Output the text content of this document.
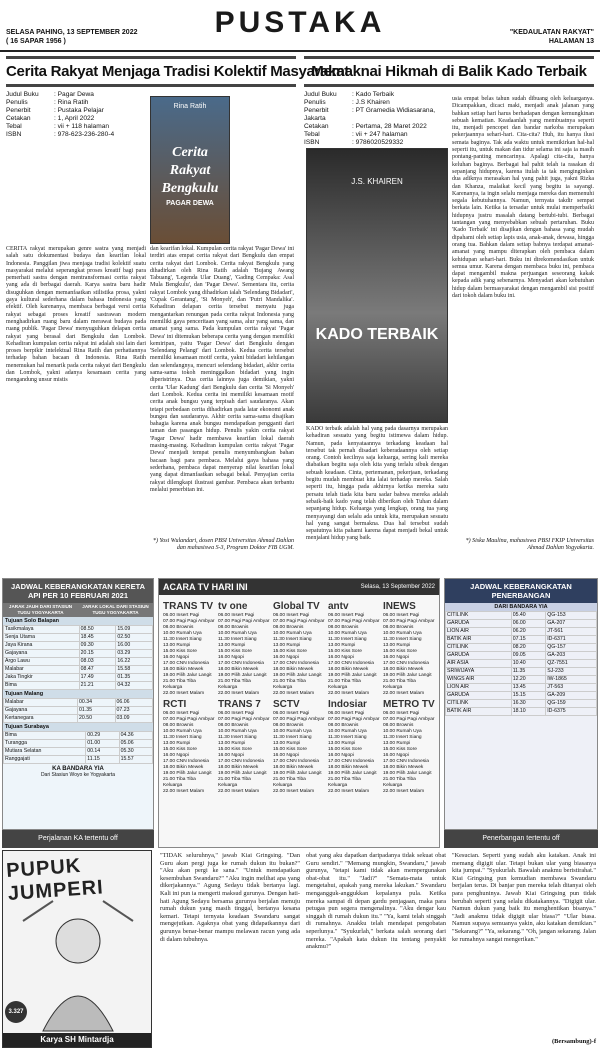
SELASA PAHING, 13 SEPTEMBER 2022
( 16 SAPAR 1956 )
PUSTAKA	"KEDAULATAN RAKYAT"
HALAMAN 13
Cerita Rakyat Menjaga Tradisi Kolektif Masyarakat
Judul Buku : Pagar Dewa
Penulis	: Rina Ratih
Penerbit	: Pustaka Pelajar
Cetakan	: 1, April 2022
Tebal	: vii + 118 halaman
ISBN	: 978-623-236-280-4
Rina Ratih
Cerita Rakyat Bengkulu
PAGAR DEWA
CERITA rakyat merupakan genre sastra yang menjadi salah satu dokumentasi budaya dan kearifan lokal Indonesia. Panggilan jiwa menjaga tradisi kolektif suatu masyarakat melalui seperangkat proses kreatif bagi para pemerhati sastra dengan mentransformasi cerita rakyat yang ada di berbagai daerah. Karya sastra baru hadir disuguhkan dengan memanfaatkan stilistika prosa, yakni gaya kultural sederhana dalam bahasa Indonesia yang efektif. Oleh karenanya, membaca berbagai versi cerita rakyat sebagai proses kreatif sastrawan modern menghadirkan ruang baru dalam merawat budaya pada ruang publik. 'Pagar Dewa' menyuguhkan delapan cerita rakyat yang berasal dari Bengkulu dan Lombok. Kehadiran kumpulan cerita rakyat ini adalah sisi lain dari proses berpikir intelektual Rina Ratih dan perhatiannya terhadap bahan bacaan di Indonesia. Rina Ratih menemukan hal menarik pada cerita rakyat dari Bengkulu dan Lombok, yakni adanya kesamaan cerita yang mengandung unsur mistis
dan kearifan lokal. Kumpulan cerita rakyat 'Pagar Dewa' ini terdiri atas empat cerita rakyat dari Bengkulu dan empat cerita rakyat dari Lombok. Cerita rakyat Bengkulu yang dihadirkan oleh Rina Ratih adalah 'Bujang Awang Tabuang', 'Legenda Ular Duang', 'Gading Cempaka: Asal Mula Bengkulu', dan 'Pagar Dewa'. Sementara itu, cerita rakyat Lombok yang dihadirkan ialah 'Selendang Bidadari', 'Cupak Gerantang', 'Si Monyeh', dan 'Putri Mandalika'. Kehadiran delapan cerita tersebut menyatu juga mengantarkan renungan pada cerita rakyat Indonesia yang memiliki gaya penceritaan yang sama, alur yang sama, dan amanat yang sama. Pada kumpulan cerita rakyat 'Pagar Dewa' ini ditemukan beberapa cerita yang dengan memiliki kemiripan, yaitu 'Pagar Dewa' dari Bengkulu dengan 'Selendang Pelangi' dari Lombok. Kedua cerita tersebut memiliki kesamaan motif cerita, yakni bidadari kehilangan dan selendangnya, mencuri selendang bidadari, akhir cerita sama-sama tokoh meninggalkan bidadari yang ingin diperistrinya. Dua cerita lainnya juga demikian, yakni cerita 'Ular Kadung' dari Bengkulu dan cerita 'Si Monyeh' dari Lombok. Kedua cerita ini memiliki kesamaan motif cerita anak bungsu yang terpisah dari saudaranya. Akan tetapi perbedaan cerita dihadirkan pada latar ekonomi anak bungsu dan saudaranya. Akhir cerita sama-sama disajikan bahagia karena anak bungsu mendapatkan pengganti dari taman dan pasangan hidup. Penulis yakin cerita rakyat 'Pagar Dewa' hadir membawa kearifan lokal daerah masing-masing. Kehadiran kumpulan cerita rakyat 'Pagar Dewa' menjadi tempat penulis menyumbangkan bahan bacaan bagi para pembaca. Melalui gaya bahasa yang sederhana, pembaca dapat menyerap nilai kearifan lokal yang dapat dimanfaatkan sebagai bekal. Penyajian cerita rakyat dilengkapi ilustrasi gambar. Pembaca akan terbantu melalui penerbitan ini.
*) Yosi Wulandari, dosen PBSI Universitas Ahmad Dahlan dan mahasiswa S-3, Program Doktor FIB UGM.
Memaknai Hikmah di Balik Kado Terbaik
Judul Buku : Kado Terbaik
Penulis	: J.S Khairen
Penerbit	: PT Gramedia Widiasarana, Jakarta
Cetakan	: Pertama, 28 Maret 2022
Tebal	: vii + 247 halaman
ISBN	: 9786020529332
J.S. KHAIREN
KADO TERBAIK
KADO terbaik adalah hal yang pada dasarnya merupakan kehadiran sesuatu yang begitu istimewa dalam hidup. Namun, pada kenyataannya terkadang keadaan hal tersebut tak pernah disadari keberadaannya oleh setiap orang. Contoh kecilnya saja keluarga, sering kali mereka diabaikan begitu saja oleh kita yang terlalu sibuk dengan sebuah keadaan. Cinta, pertemanan, pekerjaan, terkadang begitu mudah membuat kita lalai terhadap mereka. Salah seperti itu, hingga pada akhirnya ketika mereka satu persatu telah tiada kita baru sadar bahwa mereka adalah sebaik-baik kado yang telah diberikan oleh Tuhan dalam sepanjang hidup. Keluarga yang lengkap, orang tua yang menyayangi dan selalu ada untuk kita, merupakan sesuatu hal yang sangat bermakna. Dua hal tersebut sudah sepatutnya kita pahami karena dapat menjadi bekal untuk menjalani hidup yang baik.
usia empat belas tahun sudah dibuang oleh keluarganya. Dicampakkan, dicaci maki, menjadi anak jalanan yang bahkan setiap hari harus berhadapan dengan kemungkinan sebuah kematian. Keadaanlah yang membuatnya seperti itu, menjadi pencopet dan bandar narkoba merupakan pekerjaannya sehari-hari. Cita-cita? Huh, itu hanya ilusi semata baginya. Tak ada waktu untuk memikirkan hal-hal seperti itu, untuk makan dan tidur selama ini saja ia masih pontang-panting mencarinya. Apalagi cita-cita, hanya keluhan baginya. Berbagai hal pahit telah ia rasakan di sepanjang hidupnya, karena itulah ia tak menginginkan dua adiknya merasakan hal yang pahit juga, yakni Rizka dan Khanza, malaikat kecil yang begitu ia sayangi. Karenanya, ia ingin selalu menjaga mereka dan memenuhi segala kebutuhannya. Namun, ternyata takdir sempat berkata lain. Ketika ia tersadar untuk mulai memperbaiki hidupnya justru masalah datang bertubi-tubi. Berbagai tantangan yang menyebabkan sebuah pertaruhan. Buku 'Kado Terbaik' ini disajikan dengan bahasa yang mudah dipahami oleh setiap lapis usia, anak-anak, dewasa, hingga orang tua. Bahkan dalam setiap babnya terdapat amanat-amanat yang mampu diterapkan oleh pembaca dalam kehidupan sehari-hari. Buku ini direkomendasikan untuk semua umur. Karena dengan membaca buku ini, pembaca dapat mengambil makna perjuangan seseorang kakak kepada adik yang sebenarnya. Menyadari akan kebutuhan hidup dalam bermasyarakat dengan mengambil sisi positif dari tokoh dalam buku ini.
*) Siska Maulina, mahasiswa PBSI FKIP Universitas Ahmad Dahlan Yogyakarta.
JADWAL KEBERANGKATAN KERETA API PER 10 FEBRUARI 2021
JARAK JAUH DARI STASIUN TUGU YOGYAKARTA
JARAK LOKAL DARI STASIUN TUGU YOGYAKARTA
Tujuan Solo Balapan
Tasikmalaya	08.50	15.09
Senja Utama	18.45	02.50
Jaya Kirana	09.30	16.00
Gajayana	20.15	03.29
Argo Lawu	08.03	16.22
Malabar	08.47	15.58
Jaka Tingkir	17.49	01.35
Bima	21.21	04.32
Tujuan Malang
Malabar	00.34	06.06
Gajayana	01.35	07.23
Kertanegara	20.50	03.09
Tujuan Surabaya
Bima	00.29	04.36
Turangga	01.00	05.06
Mutiara Selatan	00.14	05.30
Ranggajati	11.15	15.57
KA BANDARA YIA
Dari Stasiun Woyo ke Yogyakarta
Perjalanan KA tertentu off
ACARA TV HARI INI	Selasa, 13 September 2022
TRANS TV
06.00 Insert Pagi
07.00 Pagi Pagi Ambyar
08.00 Brownis
10.00 Rumah Uya
11.30 Insert Siang
13.00 Rumpi
15.00 Kiss Sore
16.00 Ngopi
17.00 CNN Indonesia
18.00 Bikin Mewek
19.00 Pilih Jalur Langit
21.00 Tiba Tiba Keluarga
22.00 Insert Malam
RCTI
06.00 Insert Pagi
07.00 Pagi Pagi Ambyar
08.00 Brownis
10.00 Rumah Uya
11.30 Insert Siang
13.00 Rumpi
15.00 Kiss Sore
16.00 Ngopi
17.00 CNN Indonesia
18.00 Bikin Mewek
19.00 Pilih Jalur Langit
21.00 Tiba Tiba Keluarga
22.00 Insert Malam
tv one
06.00 Insert Pagi
07.00 Pagi Pagi Ambyar
08.00 Brownis
10.00 Rumah Uya
11.30 Insert Siang
13.00 Rumpi
15.00 Kiss Sore
16.00 Ngopi
17.00 CNN Indonesia
18.00 Bikin Mewek
19.00 Pilih Jalur Langit
21.00 Tiba Tiba Keluarga
22.00 Insert Malam
TRANS 7
06.00 Insert Pagi
07.00 Pagi Pagi Ambyar
08.00 Brownis
10.00 Rumah Uya
11.30 Insert Siang
13.00 Rumpi
15.00 Kiss Sore
16.00 Ngopi
17.00 CNN Indonesia
18.00 Bikin Mewek
19.00 Pilih Jalur Langit
21.00 Tiba Tiba Keluarga
22.00 Insert Malam
Global TV
06.00 Insert Pagi
07.00 Pagi Pagi Ambyar
08.00 Brownis
10.00 Rumah Uya
11.30 Insert Siang
13.00 Rumpi
15.00 Kiss Sore
16.00 Ngopi
17.00 CNN Indonesia
18.00 Bikin Mewek
19.00 Pilih Jalur Langit
21.00 Tiba Tiba Keluarga
22.00 Insert Malam
SCTV
06.00 Insert Pagi
07.00 Pagi Pagi Ambyar
08.00 Brownis
10.00 Rumah Uya
11.30 Insert Siang
13.00 Rumpi
15.00 Kiss Sore
16.00 Ngopi
17.00 CNN Indonesia
18.00 Bikin Mewek
19.00 Pilih Jalur Langit
21.00 Tiba Tiba Keluarga
22.00 Insert Malam
antv
06.00 Insert Pagi
07.00 Pagi Pagi Ambyar
08.00 Brownis
10.00 Rumah Uya
11.30 Insert Siang
13.00 Rumpi
15.00 Kiss Sore
16.00 Ngopi
17.00 CNN Indonesia
18.00 Bikin Mewek
19.00 Pilih Jalur Langit
21.00 Tiba Tiba Keluarga
22.00 Insert Malam
Indosiar
06.00 Insert Pagi
07.00 Pagi Pagi Ambyar
08.00 Brownis
10.00 Rumah Uya
11.30 Insert Siang
13.00 Rumpi
15.00 Kiss Sore
16.00 Ngopi
17.00 CNN Indonesia
18.00 Bikin Mewek
19.00 Pilih Jalur Langit
21.00 Tiba Tiba Keluarga
22.00 Insert Malam
INEWS
06.00 Insert Pagi
07.00 Pagi Pagi Ambyar
08.00 Brownis
10.00 Rumah Uya
11.30 Insert Siang
13.00 Rumpi
15.00 Kiss Sore
16.00 Ngopi
17.00 CNN Indonesia
18.00 Bikin Mewek
19.00 Pilih Jalur Langit
21.00 Tiba Tiba Keluarga
22.00 Insert Malam
METRO TV
06.00 Insert Pagi
07.00 Pagi Pagi Ambyar
08.00 Brownis
10.00 Rumah Uya
11.30 Insert Siang
13.00 Rumpi
15.00 Kiss Sore
16.00 Ngopi
17.00 CNN Indonesia
18.00 Bikin Mewek
19.00 Pilih Jalur Langit
21.00 Tiba Tiba Keluarga
22.00 Insert Malam
JADWAL KEBERANGKATAN PENERBANGAN
DARI BANDARA YIA
CITILINK	05.40	QG-153
GARUDA	06.00	GA-207
LION AIR	06.20	JT-561
BATIK AIR	07.15	ID-6371
CITILINK	08.20	QG-157
GARUDA	09.05	GA-203
AIR ASIA	10.40	QZ-7551
SRIWIJAYA	11.35	SJ-233
WINGS AIR	12.20	IW-1865
LION AIR	13.45	JT-563
GARUDA	15.15	GA-209
CITILINK	16.30	QG-159
BATIK AIR	18.10	ID-6375
Penerbangan tertentu off
PUPUK JUMPERI
3.327
Karya SH Mintardja
"TIDAK seluruhnya," jawab Kiai Gringsing. "Dan Guru akan pergi juga ke rumah dukun itu bukan?" "Aku akan pergi ke sana." "Untuk mendapatkan kesembuhan Swandaru?" "Aku ingin melihat apa yang dikerjakannya." Agung Sedayu tidak bertanya lagi. Kali ini pun ia mengerti maksud gurunya. Dengan hati-hati Agung Sedayu bersama gurunya berjalan menuju rumah dukun yang masih tinggal, bertanya kesana kemari. Tetapi ternyata keadaan Swandaru sangat mengejutkan. Agaknya obat yang didapatkannya dari gurunya benar-benar mampu melawan racun yang ada di dalam tubuhnya.
obat yang aku dapatkan daripadanya tidak sekuat obat Guru sendiri." "Memang mungkin, Swandaru," jawab gurunya, "tetapi kami tidak akan mempergunakan obat-obat itu." "Jadi?" "Semata-mata untuk mengetahui, apakah yang mereka lakukan." Swandaru mengangguk-anggukkan kepalanya pula. Ketika mereka sampai di depan gardu penjagaan, maka para petugas pun segera mengenalinya. "Aku dengar kau singgah di rumah dukun itu." "Ya, kami telah singgah di rumahnya. Anakku telah mendapat pengobatan seperlunya." "Syukurlah," berkata salah seorang dari mereka. "Apakah kata dukun itu tentang penyakit anakmu?"
"Kesucian. Seperti yang sudah aku katakan. Anak ini memang digigit ular. Tetapi bukan ular yang biasanya kita jumpai." "Syukurlah. Bawalah anakmu beristirahat." Kiai Gringsing pun kemudian membawa Swandaru berjalan terus. Di banjar pun mereka telah ditanyai oleh para penghuninya. Jawab Kiai Gringsing pun tidak berubah seperti yang selalu dikatakannya. "Digigit ular. Namun dukun yang baik itu menghentikan bisanya." "Jadi anakmu tidak digigit ular biasa?" "Ular biasa. Namun supaya semuanya yakin, aku katakan demikian." "Sekarang?" "Ya, sekarang." "Oh, jangan sekarang. Jalan ke rumahnya sangat mengerikan."
(Bersambung)-f
